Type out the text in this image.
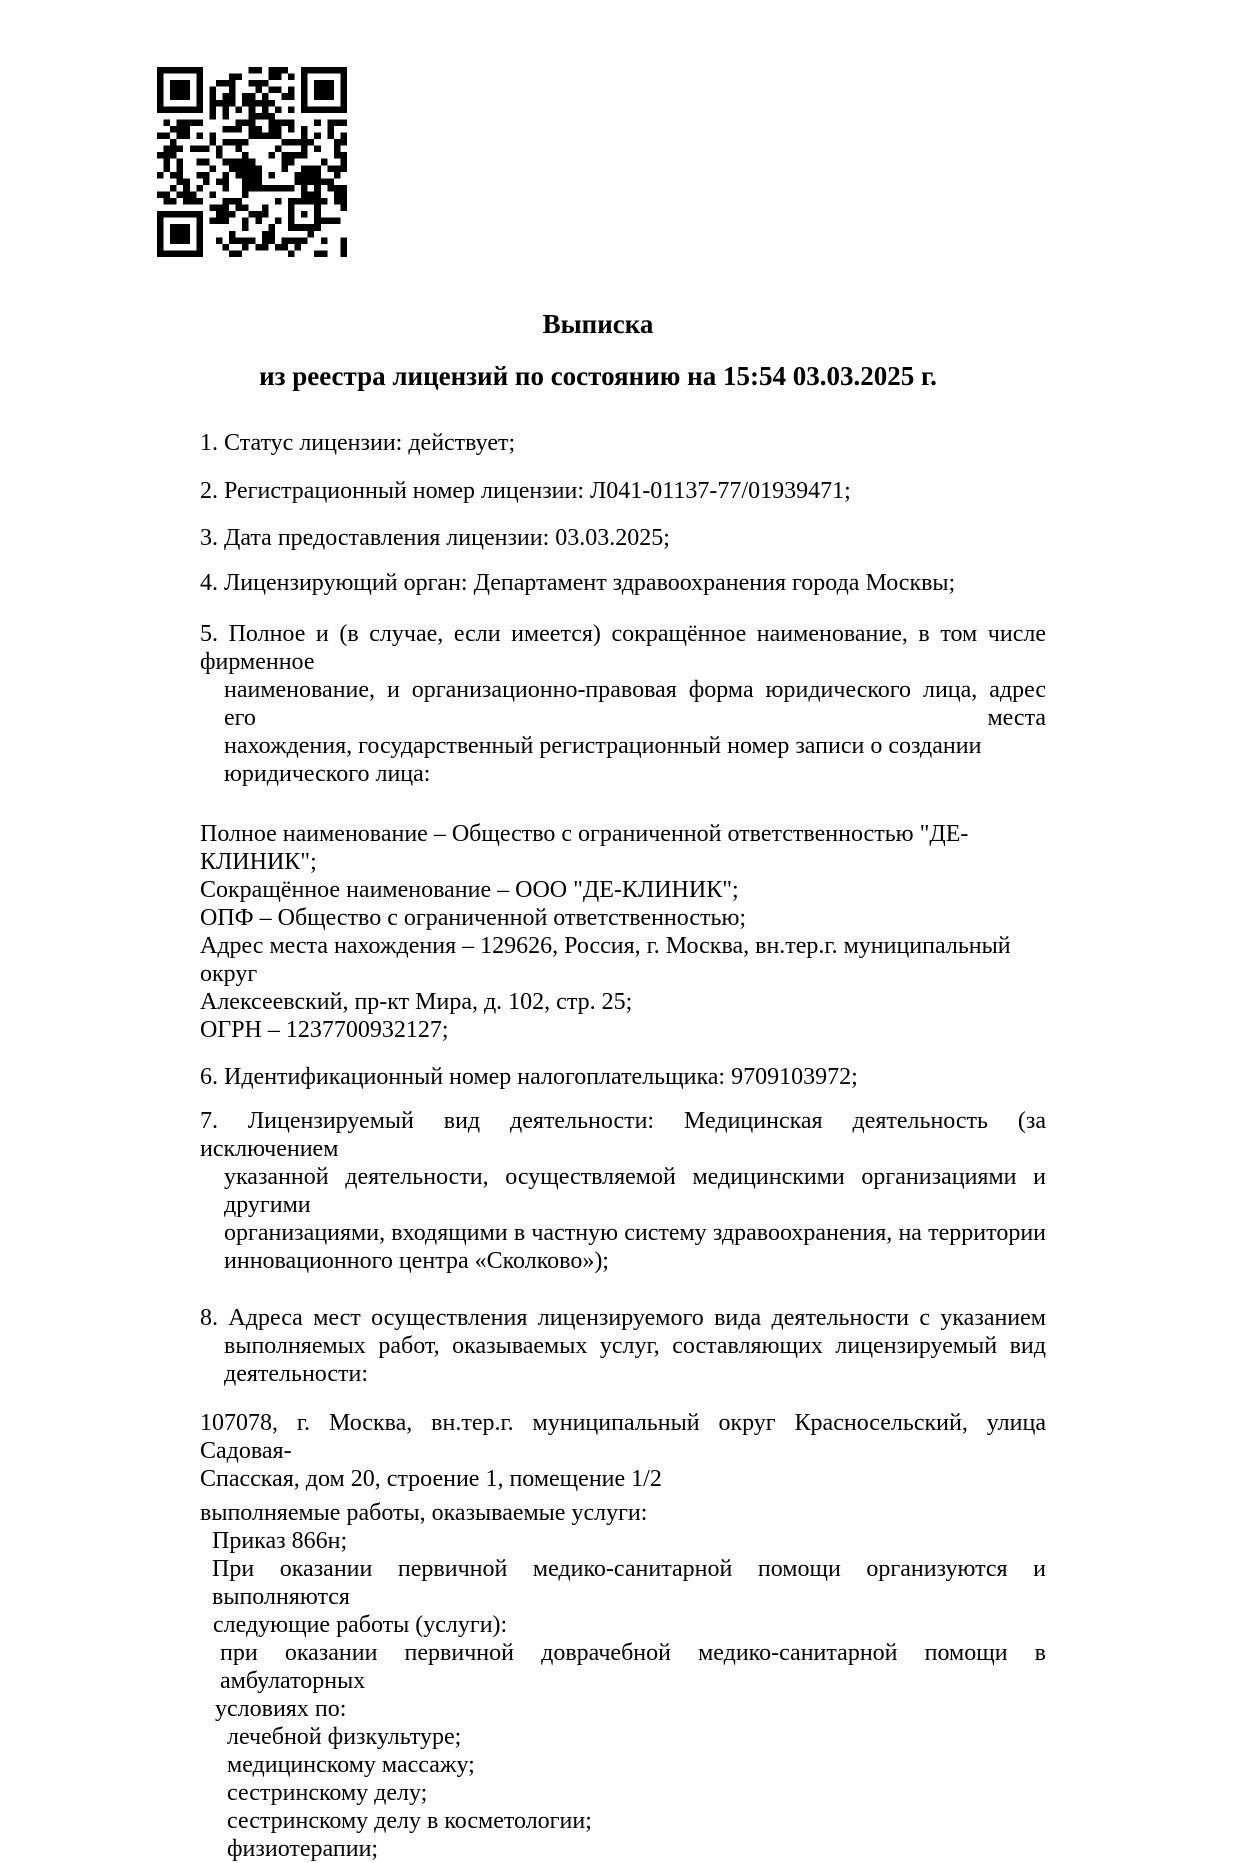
Выписка
из реестра лицензий по состоянию на 15:54 03.03.2025 г.
1. Статус лицензии: действует;
2. Регистрационный номер лицензии: Л041-01137-77/01939471;
3. Дата предоставления лицензии: 03.03.2025;
4. Лицензирующий орган: Департамент здравоохранения города Москвы;
5. Полное и (в случае, если имеется) сокращённое наименование, в том числе фирменное
наименование, и организационно-правовая форма юридического лица, адрес его места
нахождения, государственный регистрационный номер записи о создании
юридического лица:
Полное наименование – Общество с ограниченной ответственностью "ДЕ-КЛИНИК";
Сокращённое наименование – ООО "ДЕ-КЛИНИК";
ОПФ – Общество с ограниченной ответственностью;
Адрес места нахождения – 129626, Россия, г. Москва, вн.тер.г. муниципальный округ
Алексеевский, пр-кт Мира, д. 102, стр. 25;
ОГРН – 1237700932127;
6. Идентификационный номер налогоплательщика: 9709103972;
7. Лицензируемый вид деятельности: Медицинская деятельность (за исключением
указанной деятельности, осуществляемой медицинскими организациями и другими
организациями, входящими в частную систему здравоохранения, на территории
инновационного центра «Сколково»);
8. Адреса мест осуществления лицензируемого вида деятельности с указанием
выполняемых работ, оказываемых услуг, составляющих лицензируемый вид
деятельности:
107078, г. Москва, вн.тер.г. муниципальный округ Красносельский, улица Садовая-
Спасская, дом 20, строение 1, помещение 1/2
выполняемые работы, оказываемые услуги:
Приказ 866н;
При оказании первичной медико-санитарной помощи организуются и выполняются
следующие работы (услуги):
при оказании первичной доврачебной медико-санитарной помощи в амбулаторных
условиях по:
лечебной физкультуре;
медицинскому массажу;
сестринскому делу;
сестринскому делу в косметологии;
физиотерапии;
